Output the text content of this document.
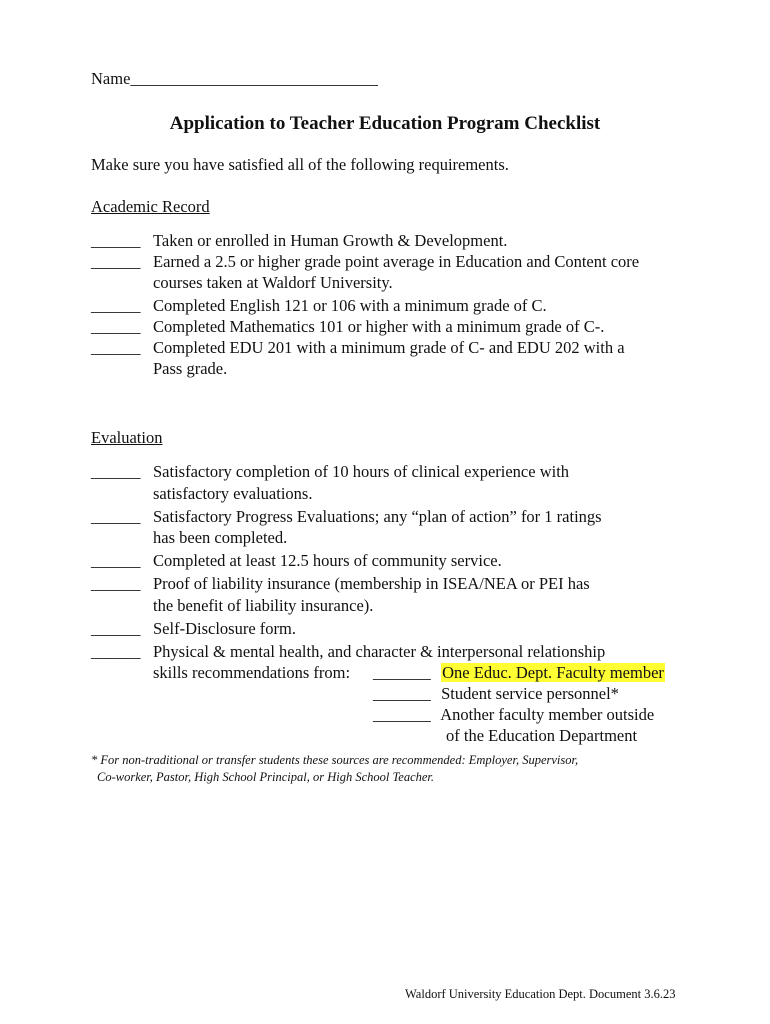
Name______________________________
Application to Teacher Education Program Checklist
Make sure you have satisfied all of the following requirements.
Academic Record
______ Taken or enrolled in Human Growth & Development.
______ Earned a 2.5 or higher grade point average in Education and Content core
courses taken at Waldorf University.
______ Completed English 121 or 106 with a minimum grade of C.
______ Completed Mathematics 101 or higher with a minimum grade of C-.
______ Completed EDU 201 with a minimum grade of C- and EDU 202 with a
Pass grade.
Evaluation
______ Satisfactory completion of 10 hours of clinical experience with
satisfactory evaluations.
______ Satisfactory Progress Evaluations; any “plan of action” for 1 ratings
has been completed.
______ Completed at least 12.5 hours of community service.
______ Proof of liability insurance (membership in ISEA/NEA or PEI has
the benefit of liability insurance).
______ Self-Disclosure form.
______ Physical & mental health, and character & interpersonal relationship
skills recommendations from: _______ One Educ. Dept. Faculty member
_______ Student service personnel*
_______ Another faculty member outside
of the Education Department
* For non-traditional or transfer students these sources are recommended: Employer, Supervisor,
Co-worker, Pastor, High School Principal, or High School Teacher.
Waldorf University Education Dept. Document 3.6.23
